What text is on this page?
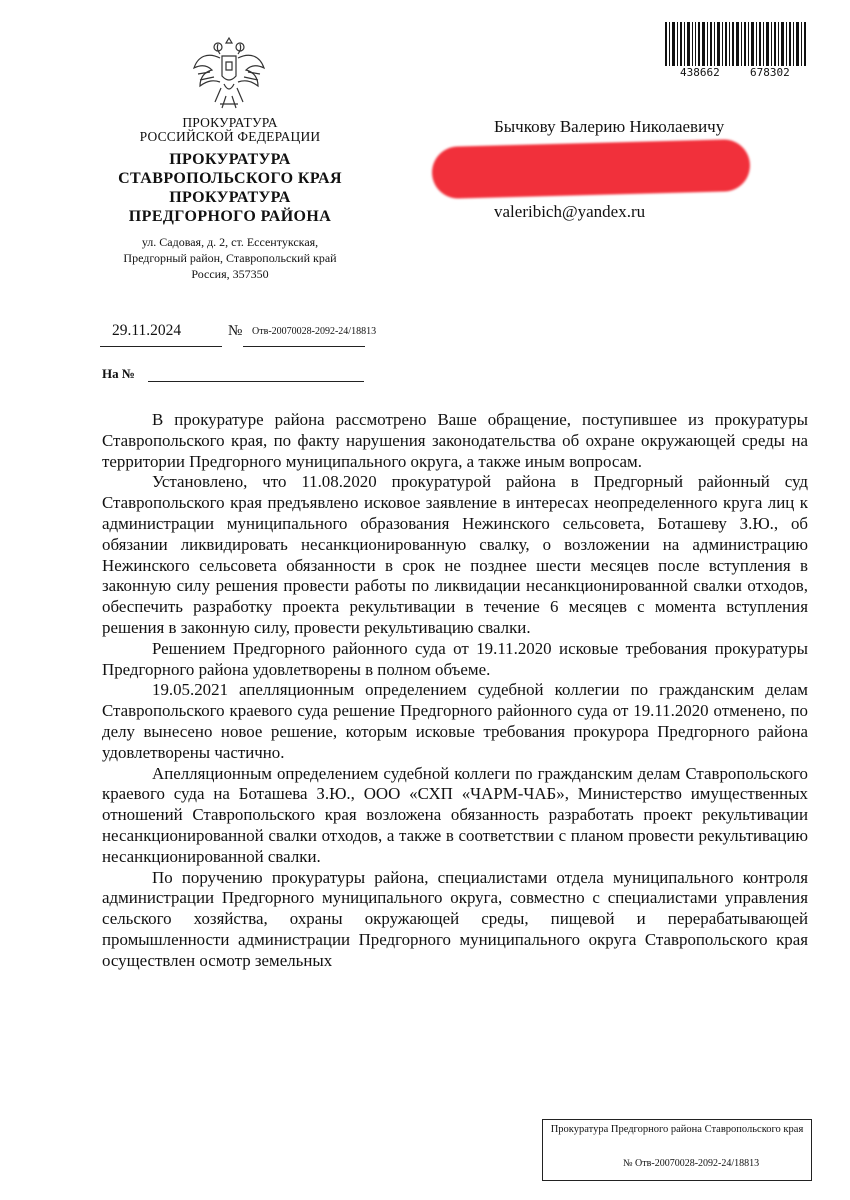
ПРОКУРАТУРА
РОССИЙСКОЙ ФЕДЕРАЦИИ
ПРОКУРАТУРА
СТАВРОПОЛЬСКОГО КРАЯ
ПРОКУРАТУРА
ПРЕДГОРНОГО РАЙОНА
ул. Садовая, д. 2, ст. Ессентукская,
Предгорный район, Ставропольский край
Россия, 357350
438662	678302
Бычкову Валерию Николаевичу
valeribich@yandex.ru
29.11.2024	№ Отв-20070028-2092-24/18813
На №

В прокуратуре района рассмотрено Ваше обращение, поступившее из прокуратуры Ставропольского края, по факту нарушения законодательства об охране окружающей среды на территории Предгорного муниципального округа, а также иным вопросам.

Установлено, что 11.08.2020 прокуратурой района в Предгорный районный суд Ставропольского края предъявлено исковое заявление в интересах неопределенного круга лиц к администрации муниципального образования Нежинского сельсовета, Боташеву З.Ю., об обязании ликвидировать несанкционированную свалку, о возложении на администрацию Нежинского сельсовета обязанности в срок не позднее шести месяцев после вступления в законную силу решения провести работы по ликвидации несанкционированной свалки отходов, обеспечить разработку проекта рекультивации в течение 6 месяцев с момента вступления решения в законную силу, провести рекультивацию свалки.

Решением Предгорного районного суда от 19.11.2020 исковые требования прокуратуры Предгорного района удовлетворены в полном объеме.

19.05.2021 апелляционным определением судебной коллегии по гражданским делам Ставропольского краевого суда решение Предгорного районного суда от 19.11.2020 отменено, по делу вынесено новое решение, которым исковые требования прокурора Предгорного района удовлетворены частично.

Апелляционным определением судебной коллеги по гражданским делам Ставропольского краевого суда на Боташева З.Ю., ООО «СХП «ЧАРМ-ЧАБ», Министерство имущественных отношений Ставропольского края возложена обязанность разработать проект рекультивации несанкционированной свалки отходов, а также в соответствии с планом провести рекультивацию несанкционированной свалки.

По поручению прокуратуры района, специалистами отдела муниципального контроля администрации Предгорного муниципального округа, совместно с специалистами управления сельского хозяйства, охраны окружающей среды, пищевой и перерабатывающей промышленности администрации Предгорного муниципального округа Ставропольского края осуществлен осмотр земельных

Прокуратура Предгорного района Ставропольского края
№ Отв-20070028-2092-24/18813
